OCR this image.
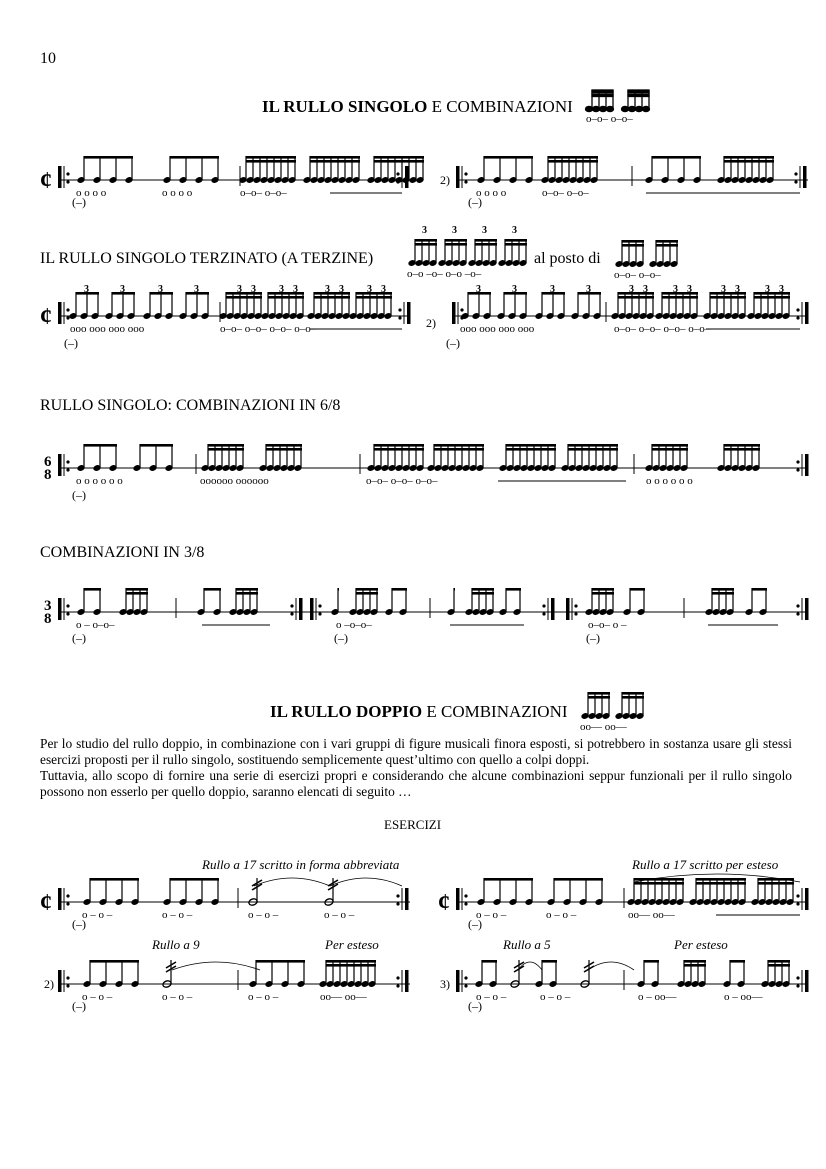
10
IL RULLO SINGOLO E COMBINAZIONI
o–o– o–o–
¢ o o o o	o o o o	o–o– o–o–	o o o o	o–o– o–o–
(–)	(–)
2)
IL RULLO SINGOLO TERZINATO (A TERZINE)
3	3	3	3
o–o –o– o–o –o–
al posto di
o–o– o–o–
¢
3	3	3	3	3 3 3 3	3 3 3 3
ooo ooo ooo ooo	o–o– o–o– o–o– o–o–
3	3	3	3	3 3	3 3	3 3	3 3
ooo ooo ooo ooo	o–o– o–o– o–o– o–o–
(–)	(–)
2)
RULLO SINGOLO: COMBINAZIONI IN 6/8
6
8 o o o o o o	oooooo oooooo	o–o– o–o– o–o–	o o o o o o
(–)
COMBINAZIONI IN 3/8
3
8 o – o–o–	o –o–o–	o–o– o –
(–)	(–)	(–)
IL RULLO DOPPIO E COMBINAZIONI
oo–– oo––

Per lo studio del rullo doppio, in combinazione con i vari gruppi di figure musicali finora esposti, si potrebbero in sostanza usare gli stessi esercizi proposti per il rullo singolo, sostituendo semplicemente quest’ultimo con quello a colpi doppi.

Tuttavia, allo scopo di fornire una serie di esercizi propri e considerando che alcune combinazioni seppur funzionali per il rullo singolo possono non esserlo per quello doppio, saranno elencati di seguito …

ESERCIZI
Rullo a 17 scritto in forma abbreviata	Rullo a 17 scritto per esteso
Rullo a 9	Per esteso	Rullo a 5	Per esteso
¢	o – o –	o – o –	o – o –	o – o –	¢ o – o –	o – o –	oo–– oo––
(–)	(–)
o – o –	o – o –	o – o –	oo–– oo––	o – o –	o – o –	o – oo––	o – oo––
2)	3)
(–)	(–)
